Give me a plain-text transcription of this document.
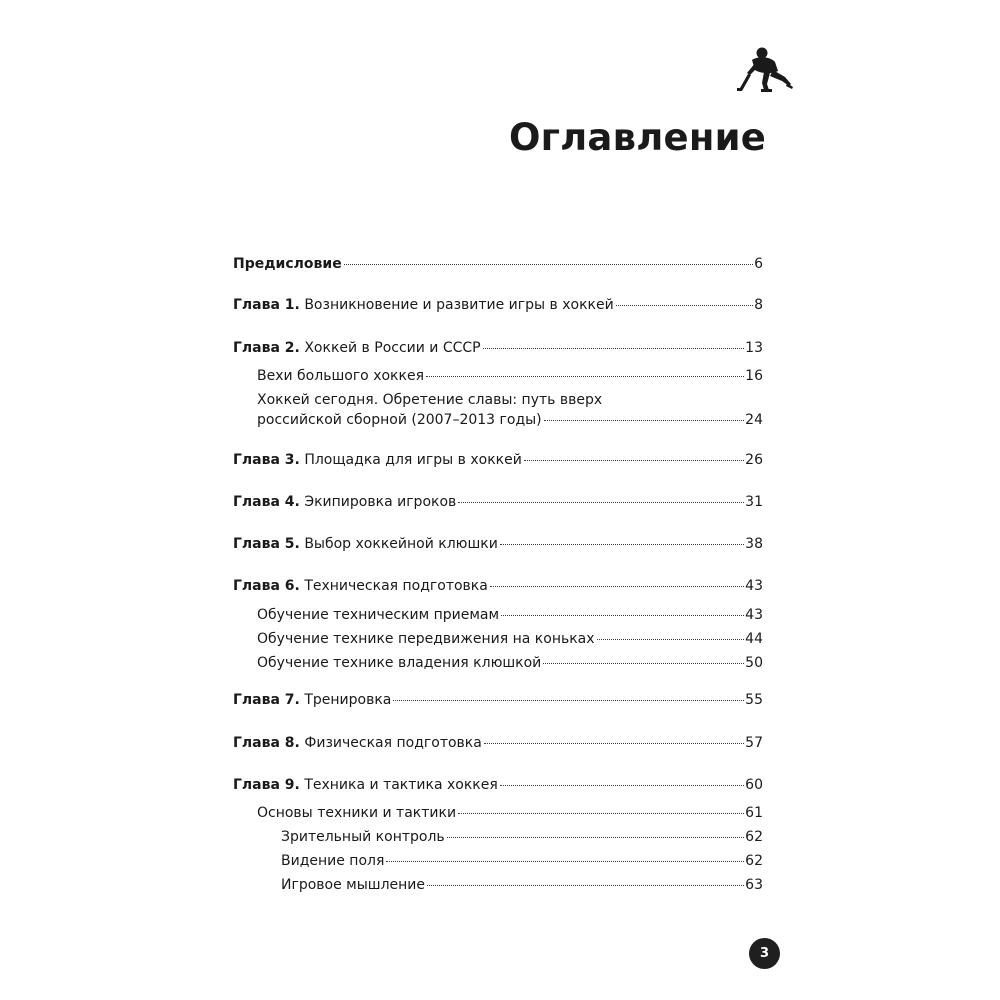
Оглавление
Предисловие	6
Глава 1. Возникновение и развитие игры в хоккей	8
Глава 2. Хоккей в России и СССР	13
Вехи большого хоккея	16
Хоккей сегодня. Обретение славы: путь вверх
российской сборной (2007–2013 годы)	24
Глава 3. Площадка для игры в хоккей	26
Глава 4. Экипировка игроков	31
Глава 5. Выбор хоккейной клюшки	38
Глава 6. Техническая подготовка	43
Обучение техническим приемам	43
Обучение технике передвижения на коньках	44
Обучение технике владения клюшкой	50
Глава 7. Тренировка	55
Глава 8. Физическая подготовка	57
Глава 9. Техника и тактика хоккея	60
Основы техники и тактики	61
Зрительный контроль	62
Видение поля	62
Игровое мышление	63
3
